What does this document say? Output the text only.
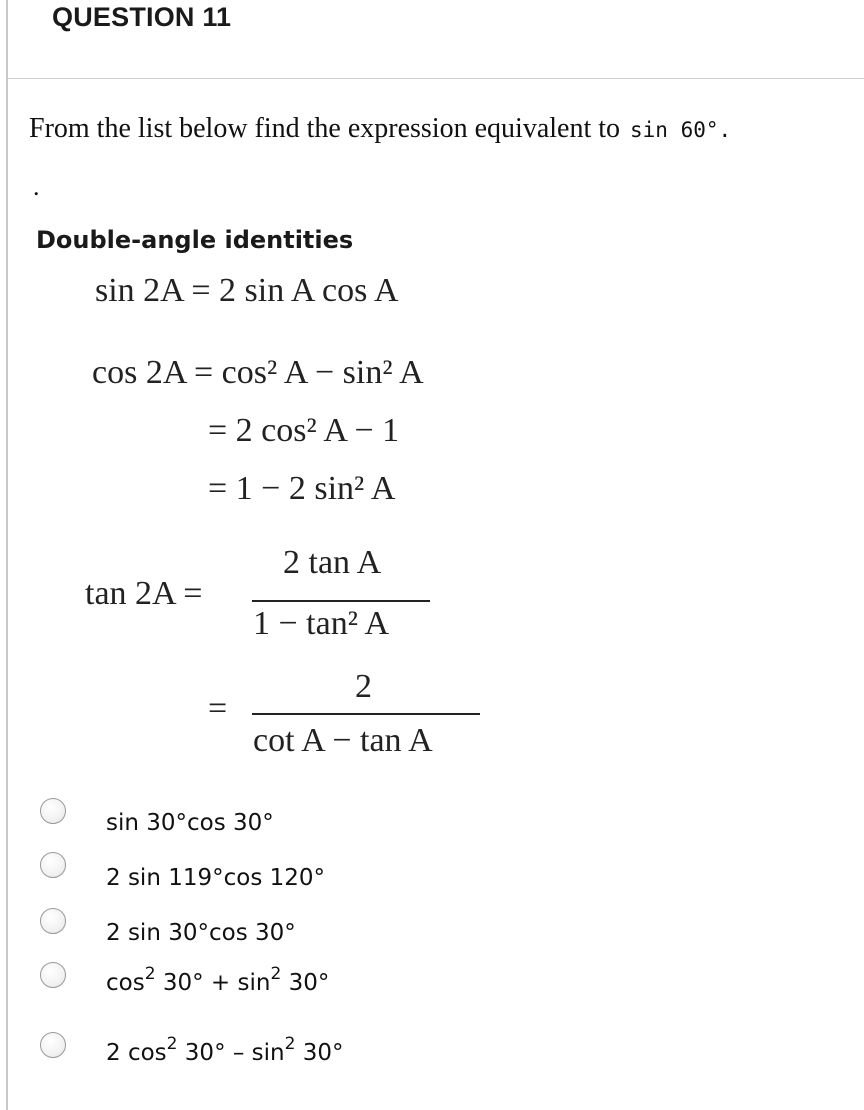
QUESTION 11
From the list below find the expression equivalent to sin 60°.
.
Double-angle identities
sin 2A = 2 sin A cos A
cos 2A = cos² A − sin² A
= 2 cos² A − 1
= 1 − 2 sin² A
tan 2A =
2 tan A
1 − tan² A
=
2
cot A − tan A
sin 30°cos 30°
2 sin 119°cos 120°
2 sin 30°cos 30°
$\cos^2 30^\circ + \sin^2 30^\circ$
2 $\cos^2 30^\circ - \sin^2 30^\circ$
